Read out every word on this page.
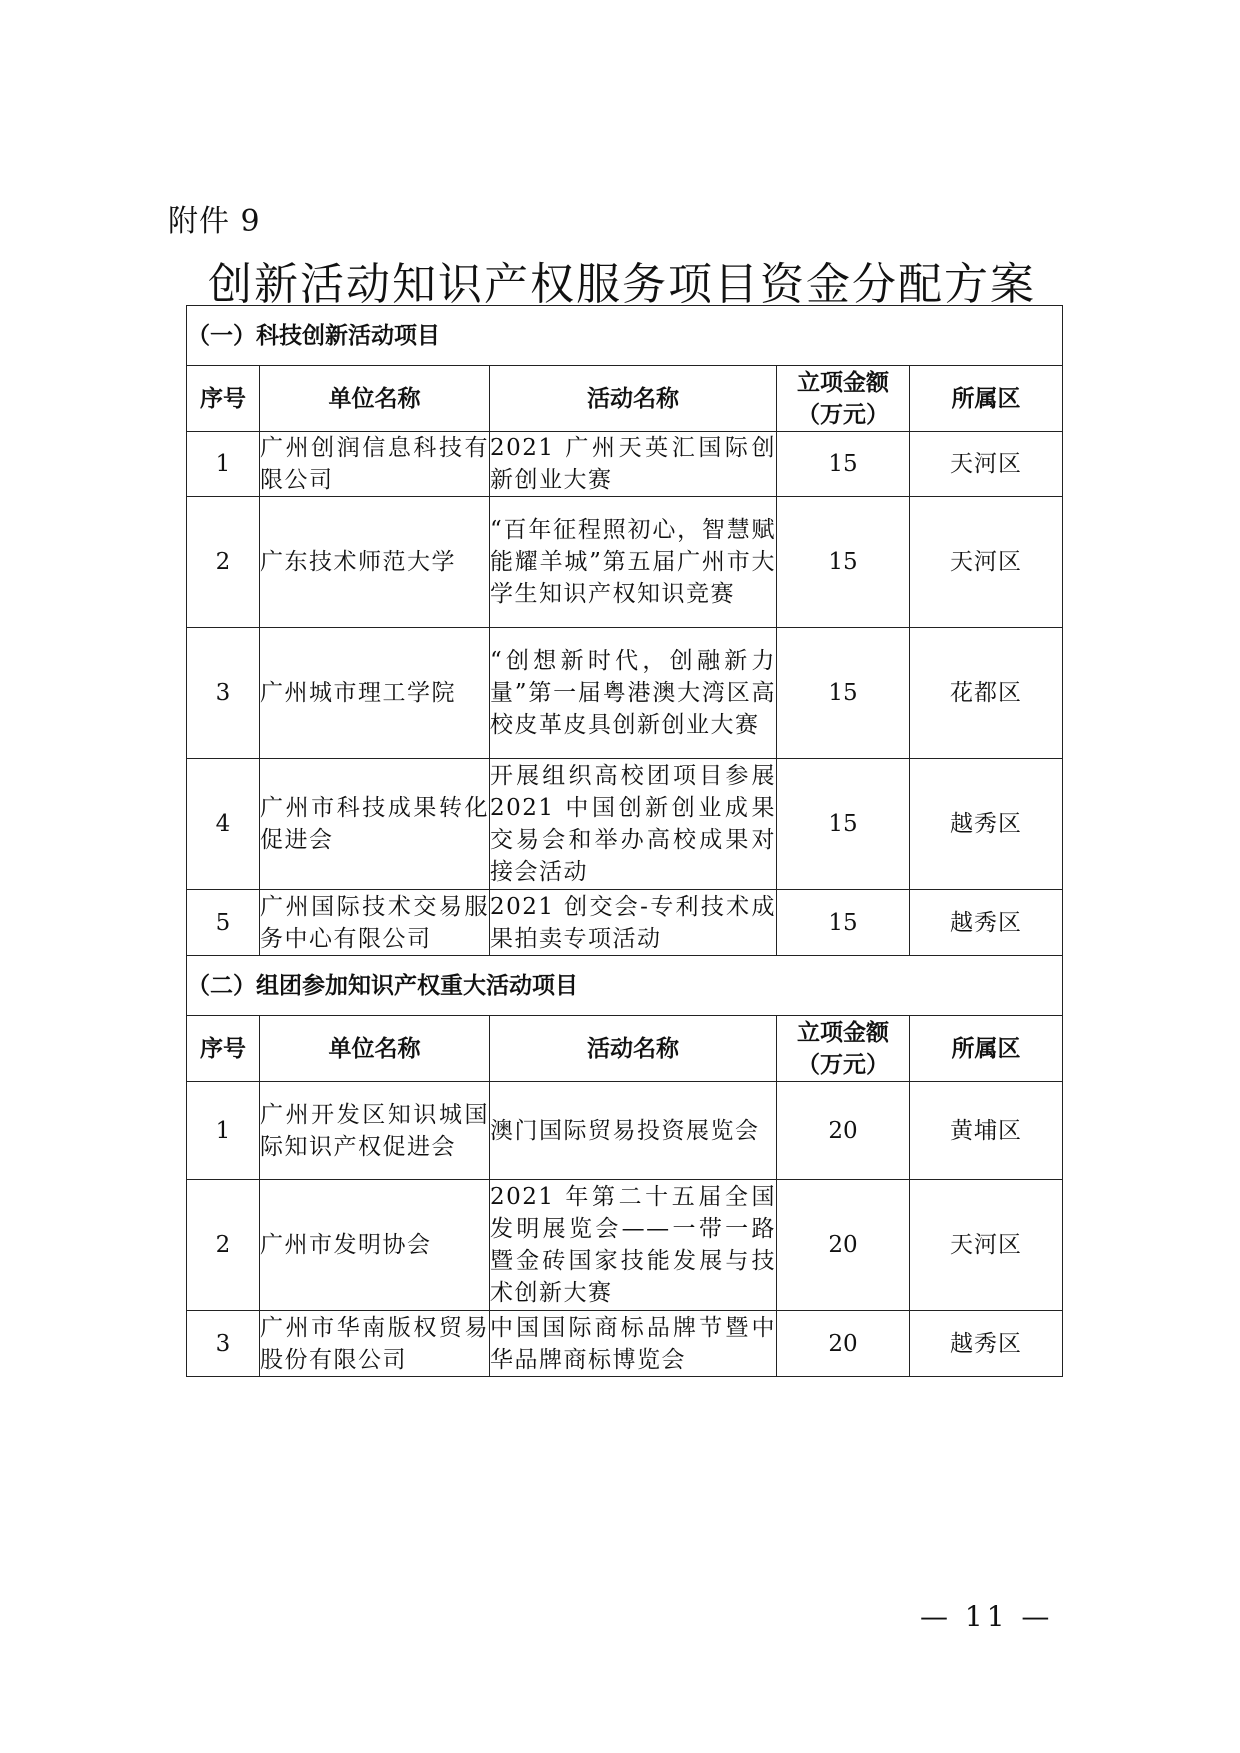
附件 9
创新活动知识产权服务项目资金分配方案
（一）科技创新活动项目				
序号	单位名称	活动名称	立项金额（万元）	所属区
1	广州创润信息科技有限公司	2021 广州天英汇国际创新创业大赛	15	天河区
2	广东技术师范大学	“百年征程照初心，智慧赋能耀羊城”第五届广州市大学生知识产权知识竞赛	15	天河区
3	广州城市理工学院	“创想新时代，创融新力量”第一届粤港澳大湾区高校皮革皮具创新创业大赛	15	花都区
4	广州市科技成果转化促进会	开展组织高校团项目参展 2021 中国创新创业成果交易会和举办高校成果对接会活动	15	越秀区
5	广州国际技术交易服务中心有限公司	2021 创交会-专利技术成果拍卖专项活动	15	越秀区
（二）组团参加知识产权重大活动项目				
序号	单位名称	活动名称	立项金额（万元）	所属区
1	广州开发区知识城国际知识产权促进会	澳门国际贸易投资展览会	20	黄埔区
2	广州市发明协会	2021 年第二十五届全国发明展览会——一带一路暨金砖国家技能发展与技术创新大赛	20	天河区
3	广州市华南版权贸易股份有限公司	中国国际商标品牌节暨中华品牌商标博览会	20	越秀区
— 11 —
